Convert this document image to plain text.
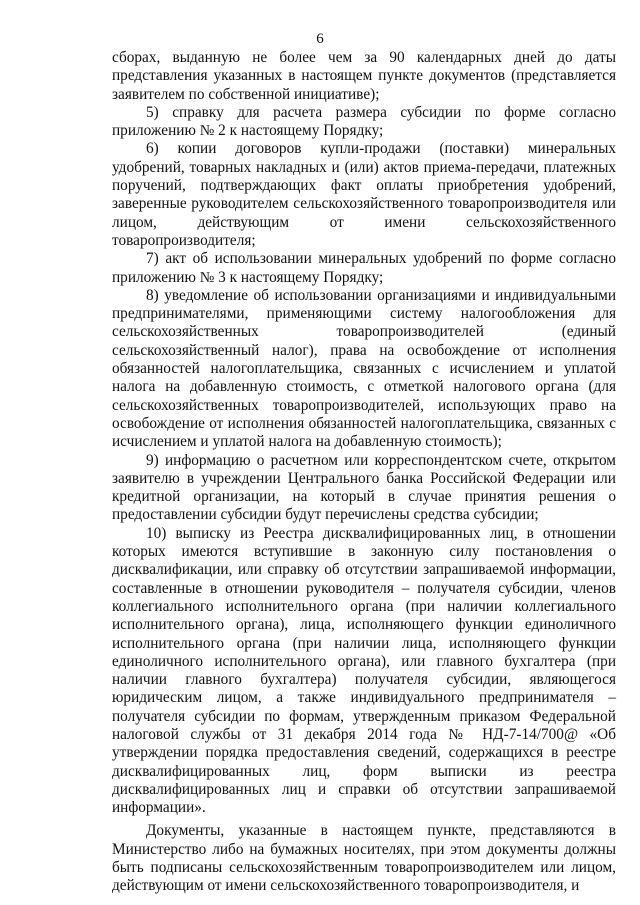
6

сборах, выданную не более чем за 90 календарных дней до даты представления указанных в настоящем пункте документов (представляется заявителем по собственной инициативе);

5) справку для расчета размера субсидии по форме согласно приложению № 2 к настоящему Порядку;

6) копии договоров купли-продажи (поставки) минеральных удобрений, товарных накладных и (или) актов приема-передачи, платежных поручений, подтверждающих факт оплаты приобретения удобрений, заверенные руководителем сельскохозяйственного товаропроизводителя или лицом, действующим от имени сельскохозяйственного товаропроизводителя;

7) акт об использовании минеральных удобрений по форме согласно приложению № 3 к настоящему Порядку;

8) уведомление об использовании организациями и индивидуальными предпринимателями, применяющими систему налогообложения для сельскохозяйственных товаропроизводителей (единый сельскохозяйственный налог), права на освобождение от исполнения обязанностей налогоплательщика, связанных с исчислением и уплатой налога на добавленную стоимость, с отметкой налогового органа (для сельскохозяйственных товаропроизводителей, использующих право на освобождение от исполнения обязанностей налогоплательщика, связанных с исчислением и уплатой налога на добавленную стоимость);

9) информацию о расчетном или корреспондентском счете, открытом заявителю в учреждении Центрального банка Российской Федерации или кредитной организации, на который в случае принятия решения о предоставлении субсидии будут перечислены средства субсидии;

10) выписку из Реестра дисквалифицированных лиц, в отношении которых имеются вступившие в законную силу постановления о дисквалификации, или справку об отсутствии запрашиваемой информации, составленные в отношении руководителя – получателя субсидии, членов коллегиального исполнительного органа (при наличии коллегиального исполнительного органа), лица, исполняющего функции единоличного исполнительного органа (при наличии лица, исполняющего функции единоличного исполнительного органа), или главного бухгалтера (при наличии главного бухгалтера) получателя субсидии, являющегося юридическим лицом, а также индивидуального предпринимателя – получателя субсидии по формам, утвержденным приказом Федеральной налоговой службы от 31 декабря 2014 года № НД-7-14/700@ «Об утверждении порядка предоставления сведений, содержащихся в реестре дисквалифицированных лиц, форм выписки из реестра дисквалифицированных лиц и справки об отсутствии запрашиваемой информации».

Документы, указанные в настоящем пункте, представляются в Министерство либо на бумажных носителях, при этом документы должны быть подписаны сельскохозяйственным товаропроизводителем или лицом, действующим от имени сельскохозяйственного товаропроизводителя, и
